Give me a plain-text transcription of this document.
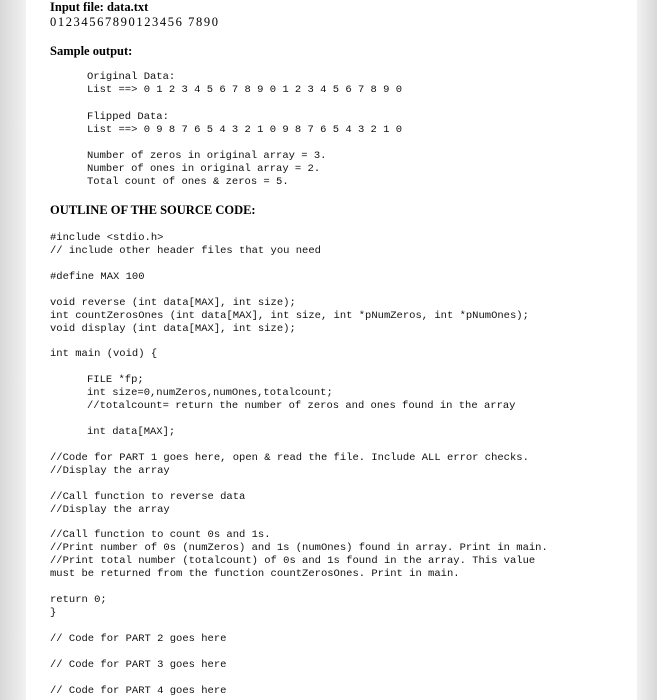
Input file: data.txt
01234567890123456 7890
Sample output:
Original Data:
List ==> 0 1 2 3 4 5 6 7 8 9 0 1 2 3 4 5 6 7 8 9 0
Flipped Data:
List ==> 0 9 8 7 6 5 4 3 2 1 0 9 8 7 6 5 4 3 2 1 0
Number of zeros in original array = 3.
Number of ones in original array = 2.
Total count of ones & zeros = 5.
OUTLINE OF THE SOURCE CODE:
#include <stdio.h>
// include other header files that you need
#define MAX 100
void reverse (int data[MAX], int size);
int countZerosOnes (int data[MAX], int size, int *pNumZeros, int *pNumOnes);
void display (int data[MAX], int size);
int main (void) {
FILE *fp;
int size=0,numZeros,numOnes,totalcount;
//totalcount= return the number of zeros and ones found in the array
int data[MAX];
//Code for PART 1 goes here, open & read the file. Include ALL error checks.
//Display the array
//Call function to reverse data
//Display the array
//Call function to count 0s and 1s.
//Print number of 0s (numZeros) and 1s (numOnes) found in array. Print in main.
//Print total number (totalcount) of 0s and 1s found in the array. This value
must be returned from the function countZerosOnes. Print in main.
return 0;
}
// Code for PART 2 goes here
// Code for PART 3 goes here
// Code for PART 4 goes here
